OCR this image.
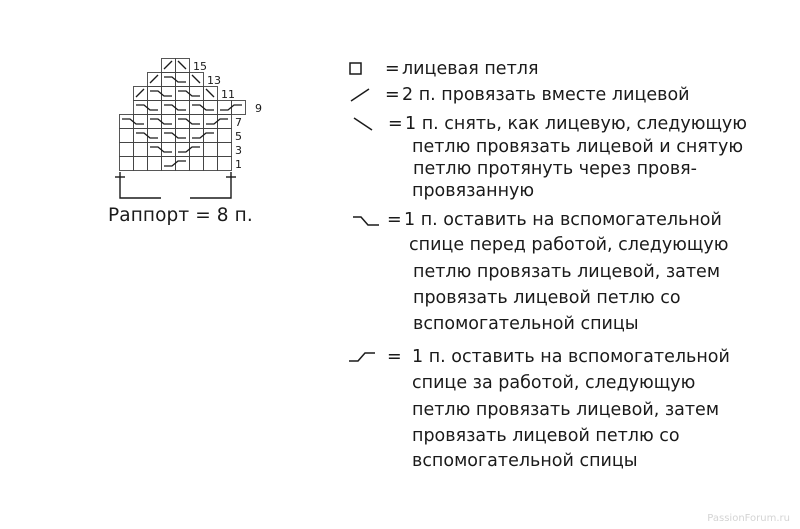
1
3
5
7
9
11
13
15
Раппорт = 8 п.
= лицевая петля
= 2 п. провязать вместе лицевой
= 1 п. снять, как лицевую, следующую
петлю провязать лицевой и снятую
петлю протянуть через провя-
провязанную
= 1 п. оставить на вспомогательной
спице перед работой, следующую
петлю провязать лицевой, затем
провязать лицевой петлю со
вспомогательной спицы
= 1 п. оставить на вспомогательной
спице за работой, следующую
петлю провязать лицевой, затем
провязать лицевой петлю со
вспомогательной спицы
PassionForum.ru
